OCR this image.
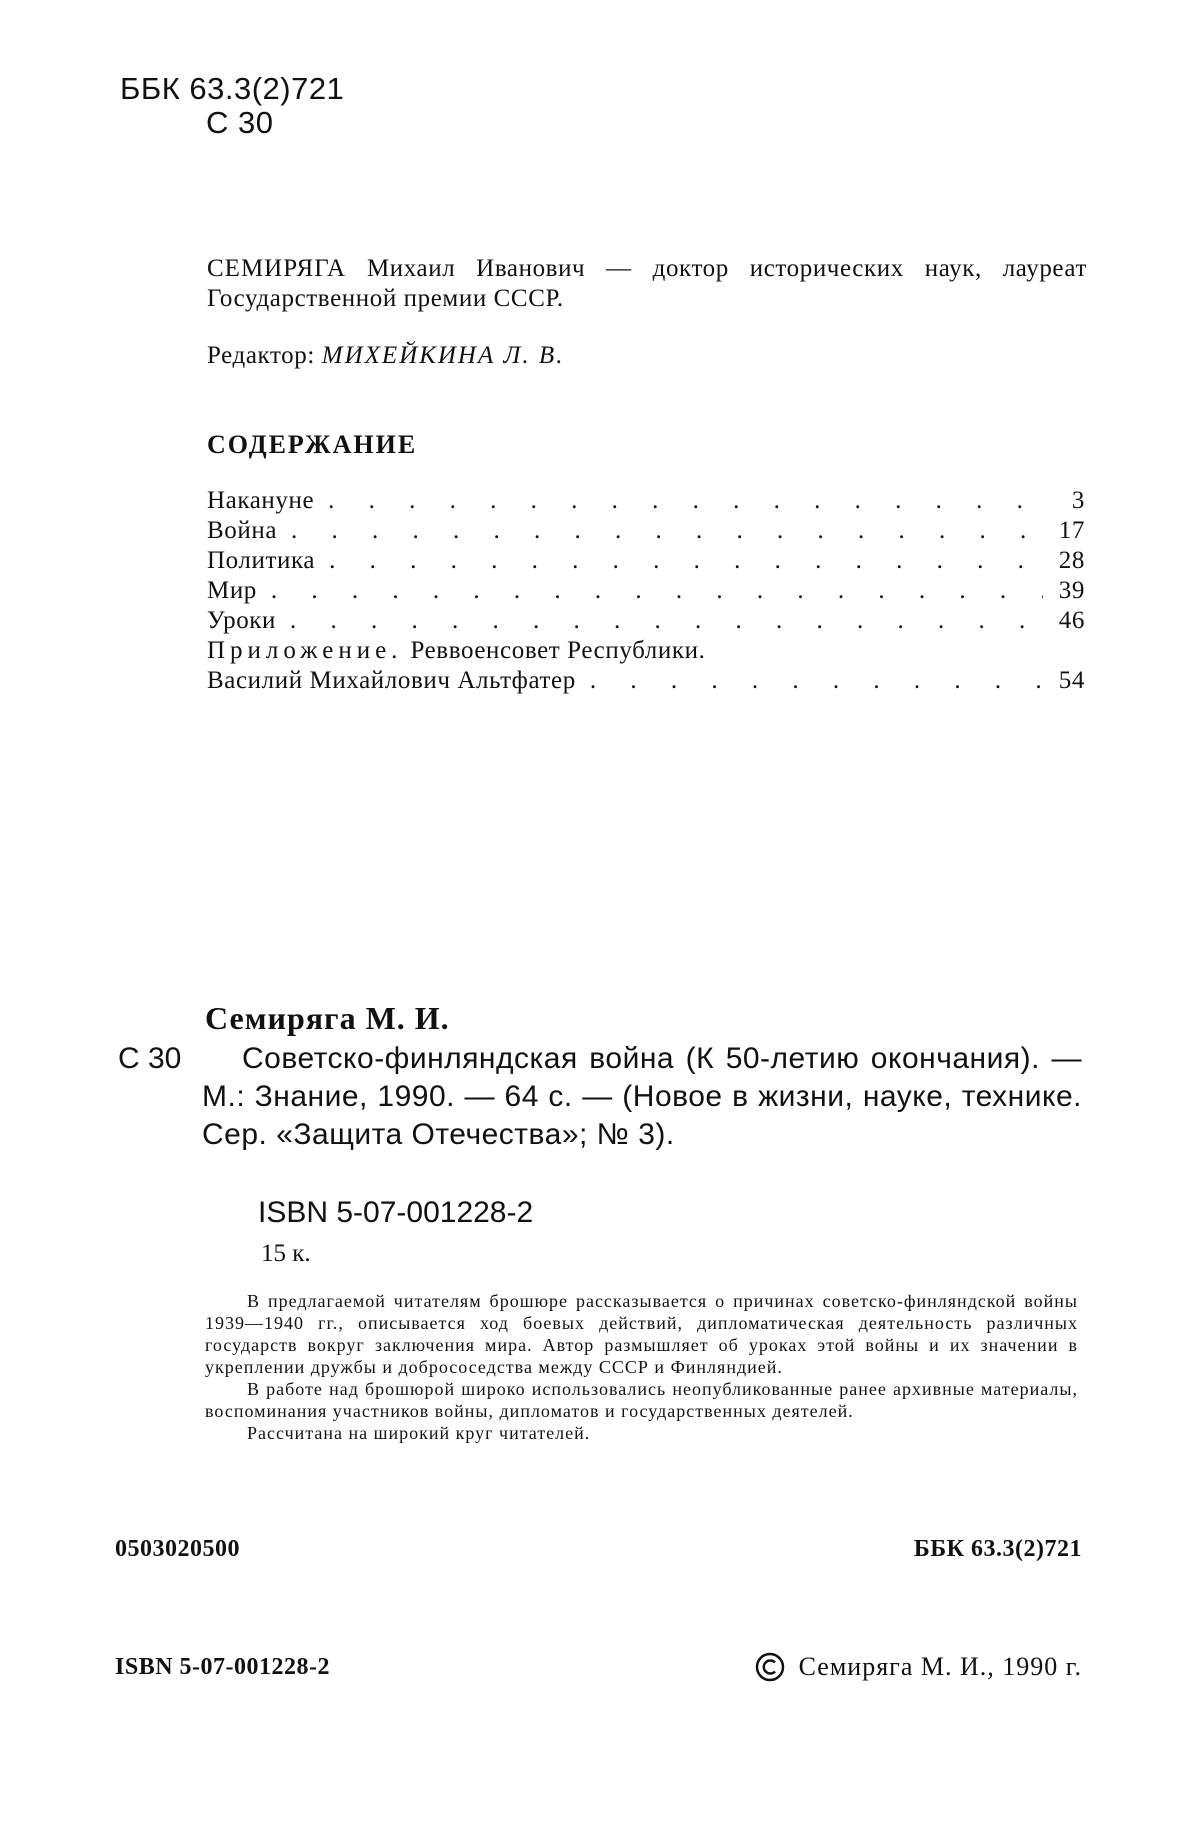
ББК 63.3(2)721
С 30

СЕМИРЯГА Михаил Иванович — доктор исторических наук, лауреат Государственной премии СССР.

Редактор: МИХЕЙКИНА Л. В.

СОДЕРЖАНИЕ
Накануне . . .	3
Война . . .	17
Политика . . .	28
Мир . . .	39
Уроки . . .	46
Приложение. Реввоенсовет Республики.
Василий Михайлович Альтфатер . . .	54
Семиряга М. И.
С 30	Советско-финляндская война (К 50-летию окончания). — М.: Знание, 1990. — 64 с. — (Новое в жизни, науке, технике. Сер. «Защита Отечества»; № 3).

ISBN 5-07-001228-2
15 к.

В предлагаемой читателям брошюре рассказывается о причинах советско-финляндской войны 1939—1940 гг., описывается ход боевых действий, дипломатическая деятельность различных государств вокруг заключения мира. Автор размышляет об уроках этой войны и их значении в укреплении дружбы и добрососедства между СССР и Финляндией.

В работе над брошюрой широко использовались неопубликованные ранее архивные материалы, воспоминания участников войны, дипломатов и государственных деятелей.

Рассчитана на широкий круг читателей.

0503020500	ББК 63.3(2)721
ISBN 5-07-001228-2	Семиряга М. И., 1990 г.
